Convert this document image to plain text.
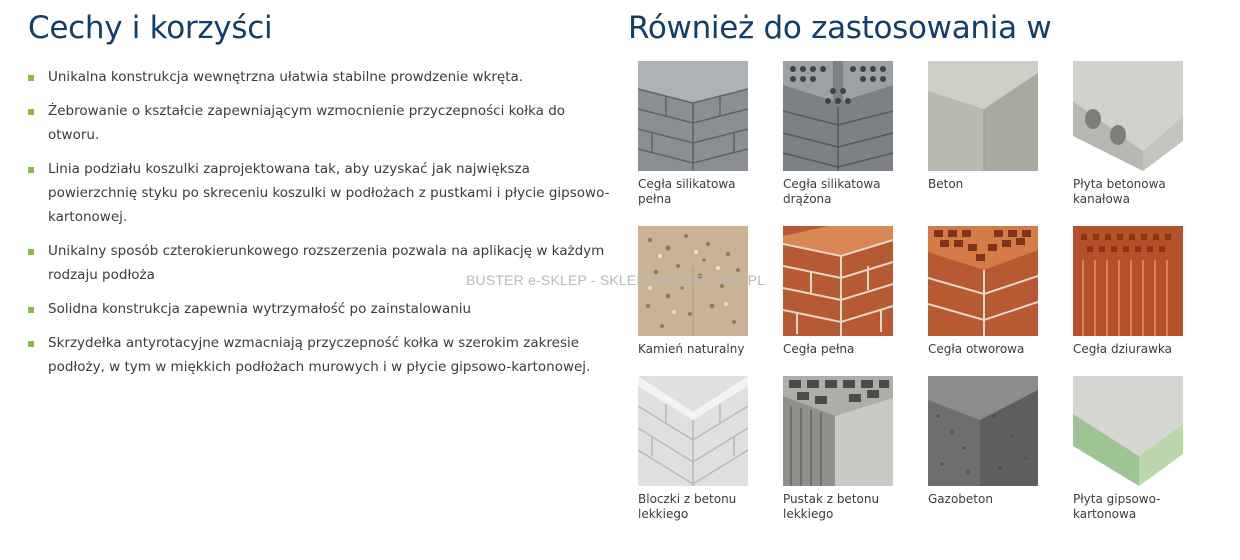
Cechy i korzyści
Unikalna konstrukcja wewnętrzna ułatwia stabilne prowdzenie wkręta.
Żebrowanie o kształcie zapewniającym wzmocnienie przyczepności kołka do otworu.
Linia podziału koszulki zaprojektowana tak, aby uzyskać jak największa powierzchnię styku po skreceniu koszulki w podłożach z pustkami i płycie gipsowo-kartonowej.
Unikalny sposób czterokierunkowego rozszerzenia pozwala na aplikację w każdym rodzaju podłoża
Solidna konstrukcja zapewnia wytrzymałość po zainstalowaniu
Skrzydełka antyrotacyjne wzmacniają przyczepność kołka w szerokim zakresie podłoży, w tym w miękkich podłożach murowych i w płycie gipsowo-kartonowej.
Również do zastosowania w
Cegła silikatowa pełna
Cegła silikatowa drążona
Beton	Płyta betonowa kanałowa
Kamień naturalny	Cegła pełna	Cegła otworowa	Cegła dziurawka
Bloczki z betonu lekkiego
Pustak z betonu lekkiego
Gazobeton	Płyta gipsowo-kartonowa
BUSTER e-SKLEP - SKLEP.BUSTER.COM.PL
